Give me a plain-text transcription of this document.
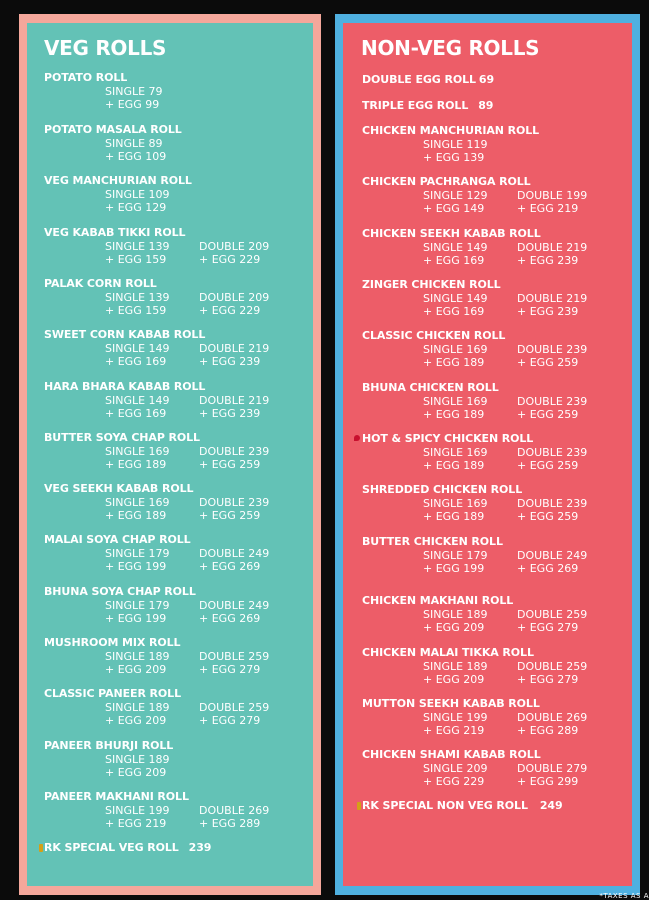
VEG ROLLS	NON-VEG ROLLS
POTATO ROLL
SINGLE 79
+ EGG 99
POTATO MASALA ROLL
SINGLE 89
+ EGG 109
VEG MANCHURIAN ROLL
SINGLE 109
+ EGG 129
VEG KABAB TIKKI ROLL
SINGLE 139	DOUBLE 209
+ EGG 159	+ EGG 229
PALAK CORN ROLL
SINGLE 139	DOUBLE 209
+ EGG 159	+ EGG 229
SWEET CORN KABAB ROLL
SINGLE 149	DOUBLE 219
+ EGG 169	+ EGG 239
HARA BHARA KABAB ROLL
SINGLE 149	DOUBLE 219
+ EGG 169	+ EGG 239
BUTTER SOYA CHAP ROLL
SINGLE 169	DOUBLE 239
+ EGG 189	+ EGG 259
VEG SEEKH KABAB ROLL
SINGLE 169	DOUBLE 239
+ EGG 189	+ EGG 259
MALAI SOYA CHAP ROLL
SINGLE 179	DOUBLE 249
+ EGG 199	+ EGG 269
BHUNA SOYA CHAP ROLL
SINGLE 179	DOUBLE 249
+ EGG 199	+ EGG 269
MUSHROOM MIX ROLL
SINGLE 189	DOUBLE 259
+ EGG 209	+ EGG 279
CLASSIC PANEER ROLL
SINGLE 189	DOUBLE 259
+ EGG 209	+ EGG 279
PANEER BHURJI ROLL
SINGLE 189
+ EGG 209
PANEER MAKHANI ROLL
SINGLE 199	DOUBLE 269
+ EGG 219	+ EGG 289
RK SPECIAL VEG ROLL 239
DOUBLE EGG ROLL 69
TRIPLE EGG ROLL 89
CHICKEN MANCHURIAN ROLL
SINGLE 119
+ EGG 139
CHICKEN PACHRANGA ROLL
SINGLE 129	DOUBLE 199
+ EGG 149	+ EGG 219
CHICKEN SEEKH KABAB ROLL
SINGLE 149	DOUBLE 219
+ EGG 169	+ EGG 239
ZINGER CHICKEN ROLL
SINGLE 149	DOUBLE 219
+ EGG 169	+ EGG 239
CLASSIC CHICKEN ROLL
SINGLE 169	DOUBLE 239
+ EGG 189	+ EGG 259
BHUNA CHICKEN ROLL
SINGLE 169	DOUBLE 239
+ EGG 189	+ EGG 259
HOT & SPICY CHICKEN ROLL
SINGLE 169	DOUBLE 239
+ EGG 189	+ EGG 259
SHREDDED CHICKEN ROLL
SINGLE 169	DOUBLE 239
+ EGG 189	+ EGG 259
BUTTER CHICKEN ROLL
SINGLE 179	DOUBLE 249
+ EGG 199	+ EGG 269
CHICKEN MAKHANI ROLL
SINGLE 189	DOUBLE 259
+ EGG 209	+ EGG 279
CHICKEN MALAI TIKKA ROLL
SINGLE 189	DOUBLE 259
+ EGG 209	+ EGG 279
MUTTON SEEKH KABAB ROLL
SINGLE 199	DOUBLE 269
+ EGG 219	+ EGG 289
CHICKEN SHAMI KABAB ROLL
SINGLE 209	DOUBLE 279
+ EGG 229	+ EGG 299
RK SPECIAL NON VEG ROLL 249
*TAXES AS A
